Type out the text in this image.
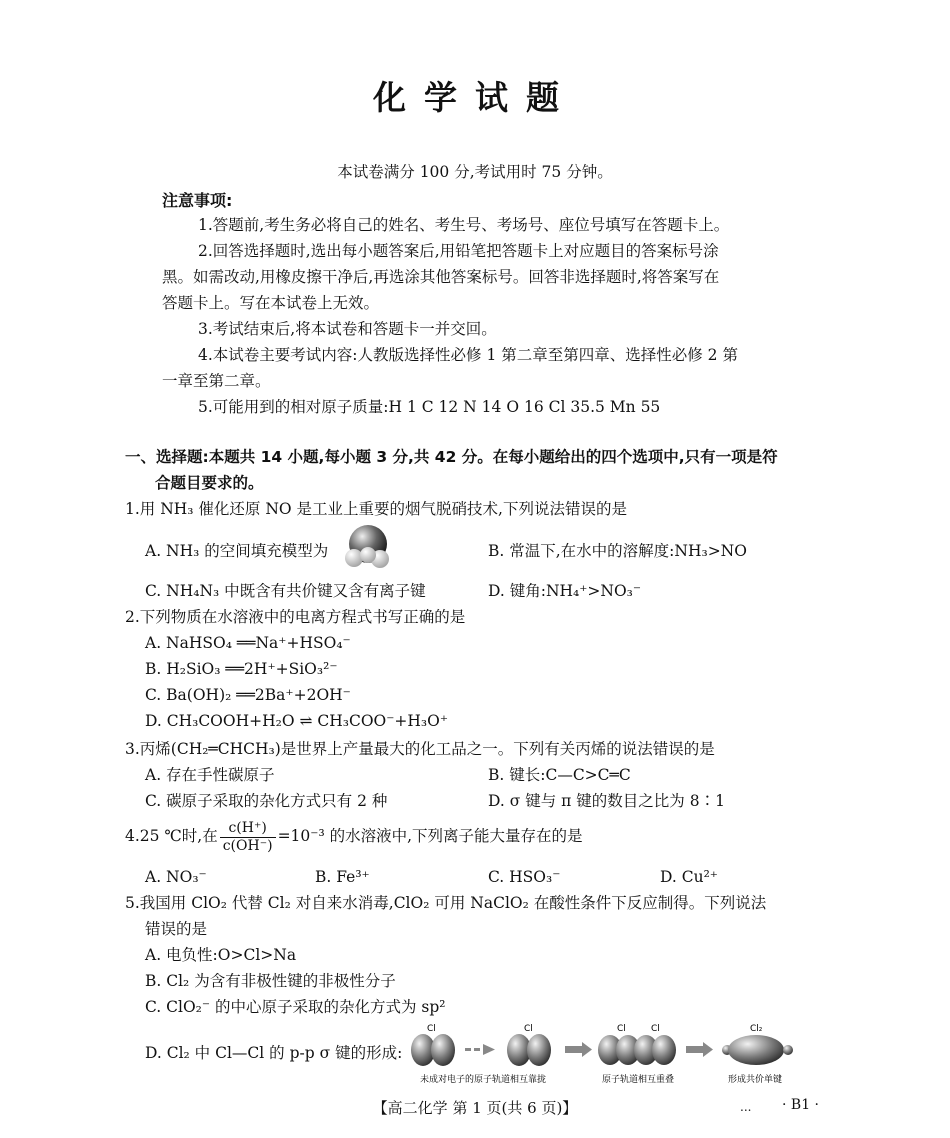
化学试题
本试卷满分 100 分,考试用时 75 分钟。
注意事项:
1.答题前,考生务必将自己的姓名、考生号、考场号、座位号填写在答题卡上。
2.回答选择题时,选出每小题答案后,用铅笔把答题卡上对应题目的答案标号涂
黑。如需改动,用橡皮擦干净后,再选涂其他答案标号。回答非选择题时,将答案写在
答题卡上。写在本试卷上无效。
3.考试结束后,将本试卷和答题卡一并交回。
4.本试卷主要考试内容:人教版选择性必修 1 第二章至第四章、选择性必修 2 第
一章至第二章。
5.可能用到的相对原子质量:H 1 C 12 N 14 O 16 Cl 35.5 Mn 55
一、选择题:本题共 14 小题,每小题 3 分,共 42 分。在每小题给出的四个选项中,只有一项是符
合题目要求的。
1.用 NH₃ 催化还原 NO 是工业上重要的烟气脱硝技术,下列说法错误的是
A. NH₃ 的空间填充模型为	B. 常温下,在水中的溶解度:NH₃>NO
C. NH₄N₃ 中既含有共价键又含有离子键	D. 键角:NH₄⁺>NO₃⁻
2.下列物质在水溶液中的电离方程式书写正确的是
A. NaHSO₄ ══Na⁺+HSO₄⁻
B. H₂SiO₃ ══2H⁺+SiO₃²⁻
C. Ba(OH)₂ ══2Ba⁺+2OH⁻
D. CH₃COOH+H₂O ⇌ CH₃COO⁻+H₃O⁺
3.丙烯(CH₂═CHCH₃)是世界上产量最大的化工品之一。下列有关丙烯的说法错误的是
A. 存在手性碳原子	B. 键长:C—C>C═C
C. 碳原子采取的杂化方式只有 2 种	D. σ 键与 π 键的数目之比为 8∶1
4.25 ℃时,在 $\frac{c(H^+)}{c(OH^-)} =10^{-3}$ 的水溶液中,下列离子能大量存在的是
A. NO₃⁻	B. Fe³⁺	C. HSO₃⁻	D. Cu²⁺
5.我国用 ClO₂ 代替 Cl₂ 对自来水消毒,ClO₂ 可用 NaClO₂ 在酸性条件下反应制得。下列说法
错误的是
A. 电负性:O>Cl>Na
B. Cl₂ 为含有非极性键的非极性分子
C. ClO₂⁻ 的中心原子采取的杂化方式为 sp²
D. Cl₂ 中 Cl—Cl 的 p-p σ 键的形成:
Cl	Cl	Cl	Cl	Cl₂
未成对电子的原子轨道相互靠拢	原子轨道相互重叠	形成共价单键
【高二化学 第 1 页(共 6 页)】	... · B1 ·
